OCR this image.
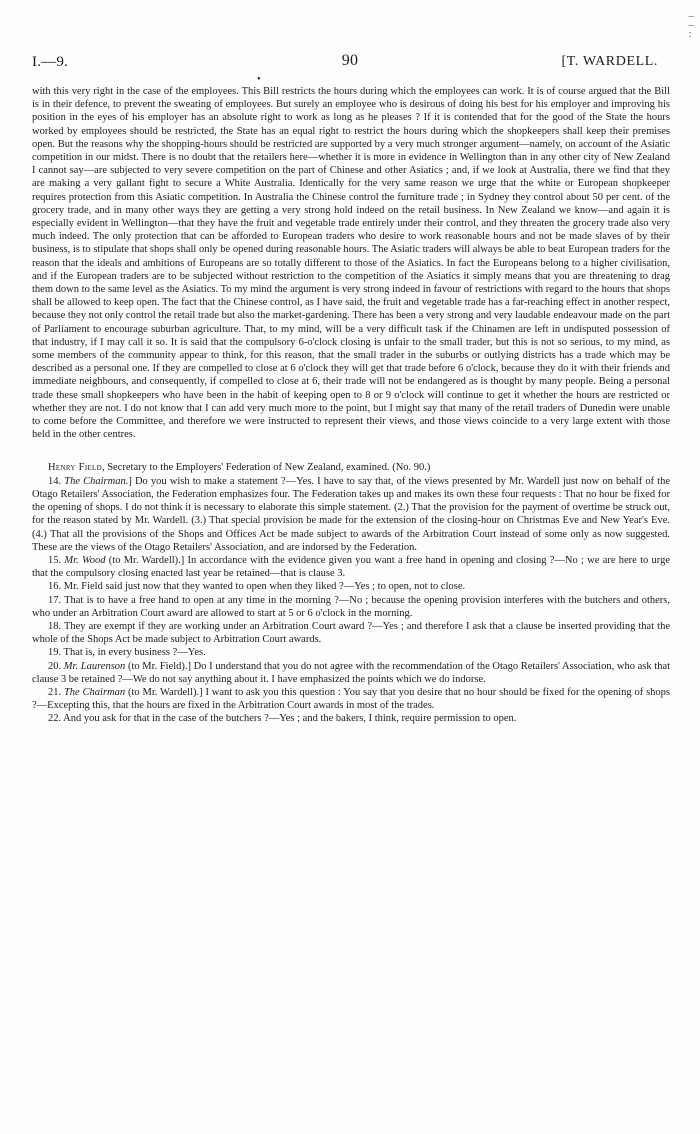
–
–
:
I.—9.	90	[T. WARDELL.
•

with this very right in the case of the employees. This Bill restricts the hours during which the employees can work. It is of course argued that the Bill is in their defence, to prevent the sweating of employees. But surely an employee who is desirous of doing his best for his employer and improving his position in the eyes of his employer has an absolute right to work as long as he pleases ? If it is contended that for the good of the State the hours worked by employees should be restricted, the State has an equal right to restrict the hours during which the shopkeepers shall keep their premises open. But the reasons why the shopping-hours should be restricted are supported by a very much stronger argument—namely, on account of the Asiatic competition in our midst. There is no doubt that the retailers here—whether it is more in evidence in Wellington than in any other city of New Zealand I cannot say—are subjected to very severe competition on the part of Chinese and other Asiatics ; and, if we look at Australia, there we find that they are making a very gallant fight to secure a White Australia. Identically for the very same reason we urge that the white or European shopkeeper requires protection from this Asiatic competition. In Australia the Chinese control the furniture trade ; in Sydney they control about 50 per cent. of the grocery trade, and in many other ways they are getting a very strong hold indeed on the retail business. In New Zealand we know—and again it is especially evident in Wellington—that they have the fruit and vegetable trade entirely under their control, and they threaten the grocery trade also very much indeed. The only protection that can be afforded to European traders who desire to work reasonable hours and not be made slaves of by their business, is to stipulate that shops shall only be opened during reasonable hours. The Asiatic traders will always be able to beat European traders for the reason that the ideals and ambitions of Europeans are so totally different to those of the Asiatics. In fact the Europeans belong to a higher civilisation, and if the European traders are to be subjected without restriction to the competition of the Asiatics it simply means that you are threatening to drag them down to the same level as the Asiatics. To my mind the argument is very strong indeed in favour of restrictions with regard to the hours that shops shall be allowed to keep open. The fact that the Chinese control, as I have said, the fruit and vegetable trade has a far-reaching effect in another respect, because they not only control the retail trade but also the market-gardening. There has been a very strong and very laudable endeavour made on the part of Parliament to encourage suburban agriculture. That, to my mind, will be a very difficult task if the Chinamen are left in undisputed possession of that industry, if I may call it so. It is said that the compulsory 6-o'clock closing is unfair to the small trader, but this is not so serious, to my mind, as some members of the community appear to think, for this reason, that the small trader in the suburbs or outlying districts has a trade which may be described as a personal one. If they are compelled to close at 6 o'clock they will get that trade before 6 o'clock, because they do it with their friends and immediate neighbours, and consequently, if compelled to close at 6, their trade will not be endangered as is thought by many people. Being a personal trade these small shopkeepers who have been in the habit of keeping open to 8 or 9 o'clock will continue to get it whether the hours are restricted or whether they are not. I do not know that I can add very much more to the point, but I might say that many of the retail traders of Dunedin were unable to come before the Committee, and therefore we were instructed to represent their views, and those views coincide to a very large extent with those held in the other centres.

Henry Field, Secretary to the Employers' Federation of New Zealand, examined. (No. 90.)

14. The Chairman.] Do you wish to make a statement ?—Yes. I have to say that, of the views presented by Mr. Wardell just now on behalf of the Otago Retailers' Association, the Federation emphasizes four. The Federation takes up and makes its own these four requests : That no hour be fixed for the opening of shops. I do not think it is necessary to elaborate this simple statement. (2.) That the provision for the payment of overtime be struck out, for the reason stated by Mr. Wardell. (3.) That special provision be made for the extension of the closing-hour on Christmas Eve and New Year's Eve. (4.) That all the provisions of the Shops and Offices Act be made subject to awards of the Arbitration Court instead of some only as now suggested. These are the views of the Otago Retailers' Association, and are indorsed by the Federation.

15. Mr. Wood (to Mr. Wardell).] In accordance with the evidence given you want a free hand in opening and closing ?—No ; we are here to urge that the compulsory closing enacted last year be retained—that is clause 3.

16. Mr. Field said just now that they wanted to open when they liked ?—Yes ; to open, not to close.

17. That is to have a free hand to open at any time in the morning ?—No ; because the opening provision interferes with the butchers and others, who under an Arbitration Court award are allowed to start at 5 or 6 o'clock in the morning.

18. They are exempt if they are working under an Arbitration Court award ?—Yes ; and therefore I ask that a clause be inserted providing that the whole of the Shops Act be made subject to Arbitration Court awards.

19. That is, in every business ?—Yes.

20. Mr. Laurenson (to Mr. Field).] Do I understand that you do not agree with the recommendation of the Otago Retailers' Association, who ask that clause 3 be retained ?—We do not say anything about it. I have emphasized the points which we do indorse.

21. The Chairman (to Mr. Wardell).] I want to ask you this question : You say that you desire that no hour should be fixed for the opening of shops ?—Excepting this, that the hours are fixed in the Arbitration Court awards in most of the trades.

22. And you ask for that in the case of the butchers ?—Yes ; and the bakers, I think, require permission to open.
